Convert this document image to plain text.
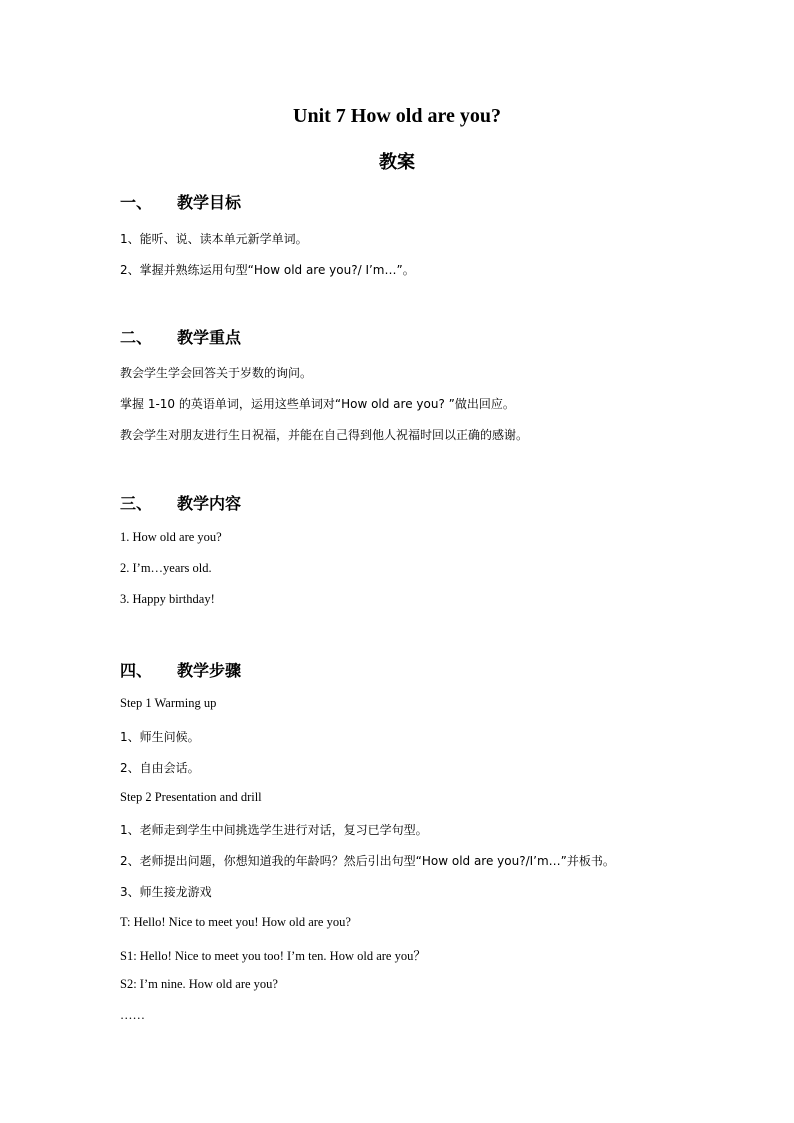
Unit 7 How old are you?
教案
一、 教学目标
1、能听、说、读本单元新学单词。
2、掌握并熟练运用句型“How old are you?/ I’m…”。
二、 教学重点
教会学生学会回答关于岁数的询问。
掌握 1-10 的英语单词，运用这些单词对“How old are you? ”做出回应。
教会学生对朋友进行生日祝福，并能在自己得到他人祝福时回以正确的感谢。
三、 教学内容
1. How old are you?
2. I’m…years old.
3. Happy birthday!
四、 教学步骤
Step 1 Warming up
1、师生问候。
2、自由会话。
Step 2 Presentation and drill
1、老师走到学生中间挑选学生进行对话，复习已学句型。
2、老师提出问题，你想知道我的年龄吗？然后引出句型“How old are you?/I’m…”并板书。
3、师生接龙游戏
T: Hello! Nice to meet you! How old are you?
S1: Hello! Nice to meet you too! I’m ten. How old are you？
S2: I’m nine. How old are you?
……
